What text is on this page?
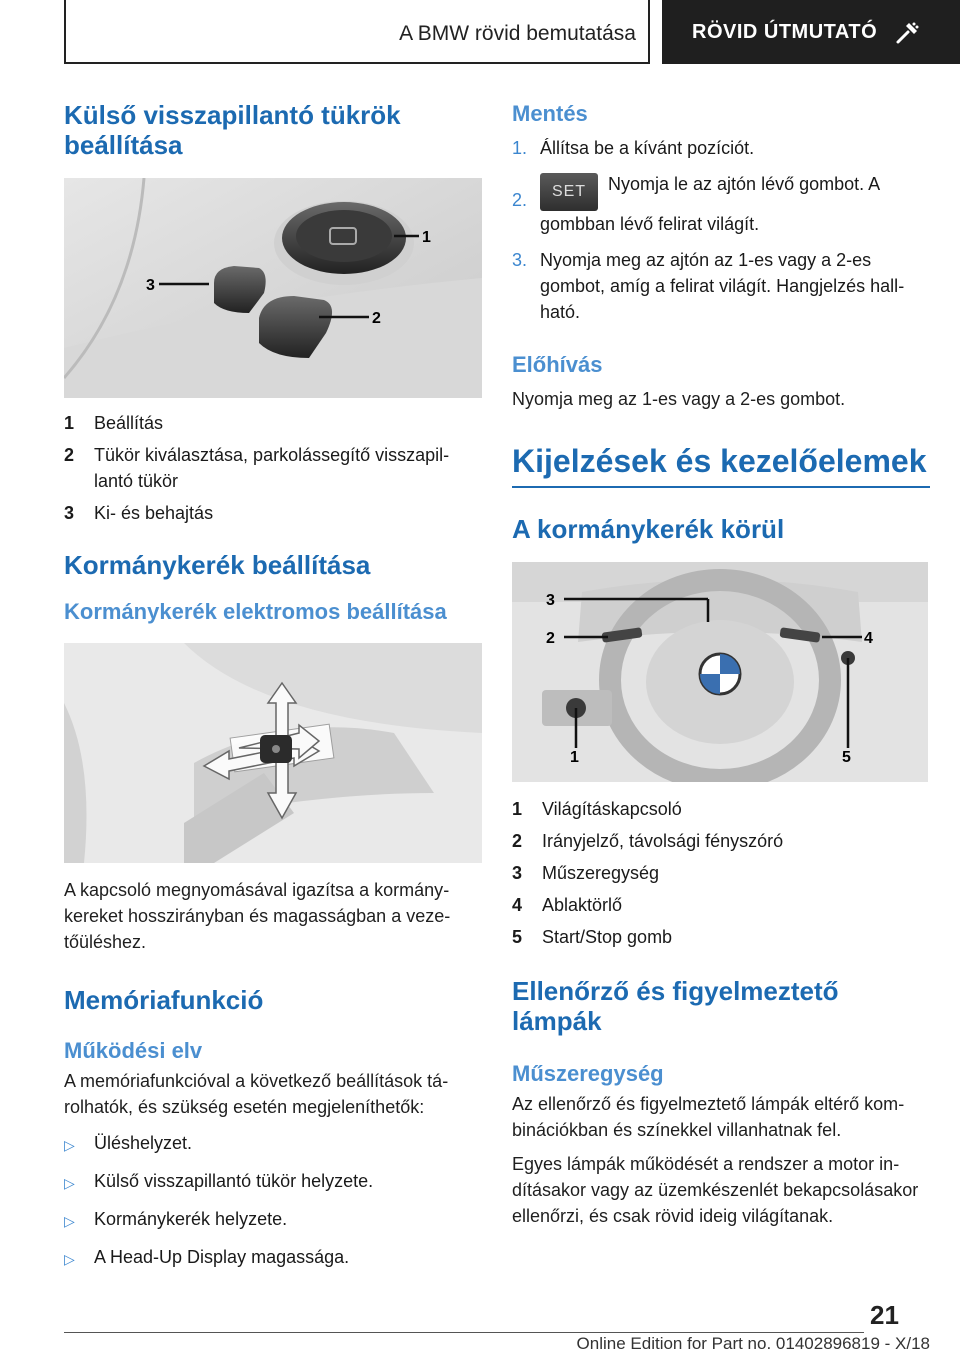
A BMW rövid bemutatása	RÖVID ÚTMUTATÓ
Külső visszapillantó tükrök beállítása
1
2
3
1	Beállítás
2	Tükör kiválasztása, parkolássegítő visszapillantó tükör
3	Ki- és behajtás
Kormánykerék beállítása
Kormánykerék elektromos beállítása
A kapcsoló megnyomásával igazítsa a kormánykereket hosszirányban és magasságban a vezetőüléshez.
Memóriafunkció
Működési elv
A memóriafunkcióval a következő beállítások tárolhatók, és szükség esetén megjeleníthetők:
▷	Üléshelyzet.
▷	Külső visszapillantó tükör helyzete.
▷	Kormánykerék helyzete.
▷	A Head-Up Display magassága.
Mentés
1. Állítsa be a kívánt pozíciót.
2.	SET Nyomja le az ajtón lévő gombot. A gombban lévő felirat világít.
3. Nyomja meg az ajtón az 1-es vagy a 2-es gombot, amíg a felirat világít. Hangjelzés hallható.
Előhívás
Nyomja meg az 1-es vagy a 2-es gombot.
Kijelzések és kezelőelemek
A kormánykerék körül
1
2
3
4
5
1	Világításkapcsoló
2	Irányjelző, távolsági fényszóró
3	Műszeregység
4	Ablaktörlő
5	Start/Stop gomb
Ellenőrző és figyelmeztető lámpák
Műszeregység
Az ellenőrző és figyelmeztető lámpák eltérő kombinációkban és színekkel villanhatnak fel.
Egyes lámpák működését a rendszer a motor indításakor vagy az üzemkészenlét bekapcsolásakor ellenőrzi, és csak rövid ideig világítanak.
21
Online Edition for Part no. 01402896819 - X/18
